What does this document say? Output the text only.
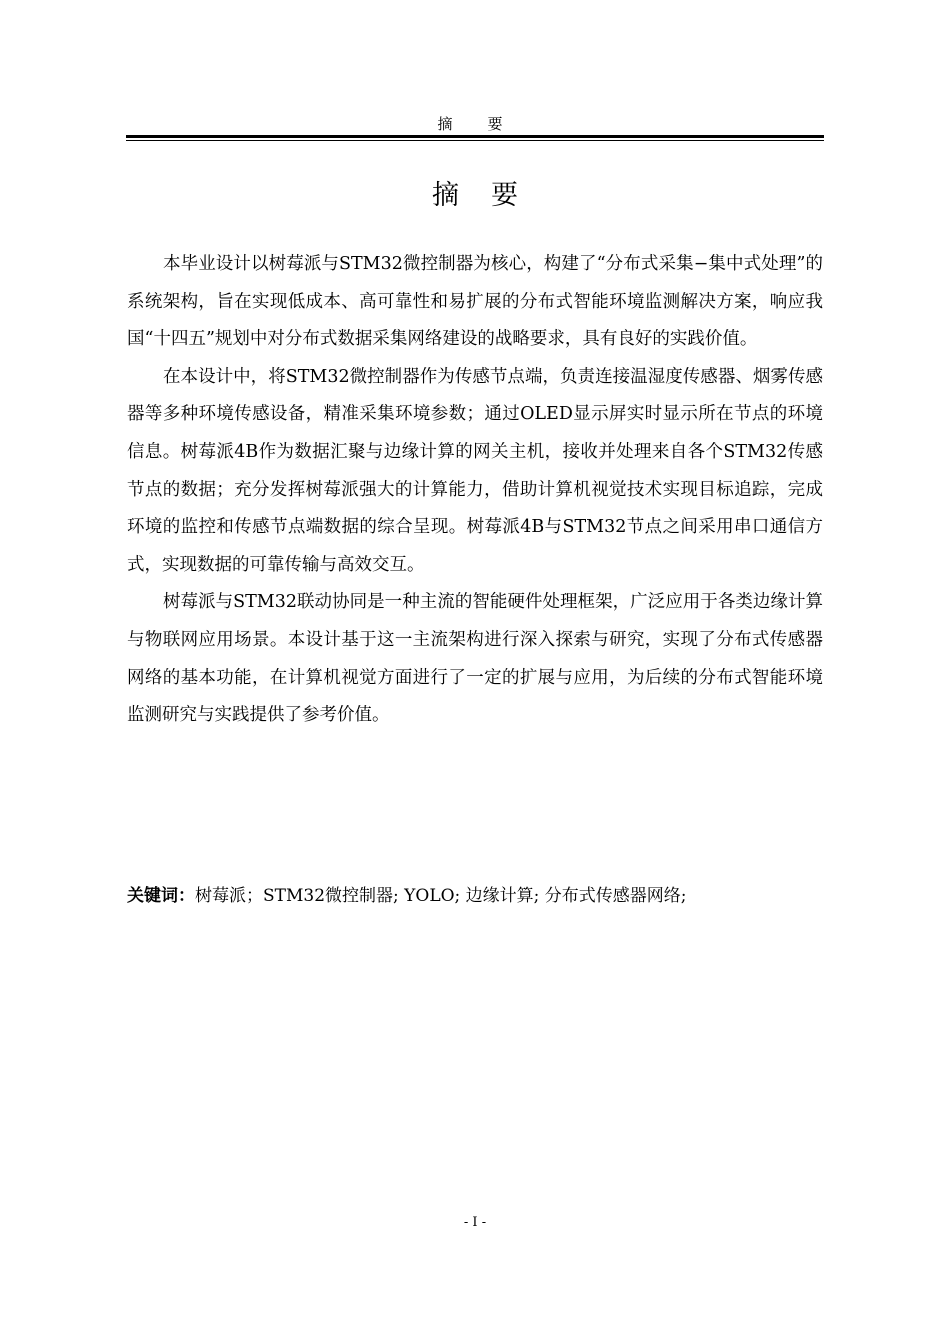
摘　要
摘要

本毕业设计以树莓派与STM32微控制器为核心，构建了“分布式采集−集中式处理”的系统架构，旨在实现低成本、高可靠性和易扩展的分布式智能环境监测解决方案，响应我国“十四五”规划中对分布式数据采集网络建设的战略要求，具有良好的实践价值。

在本设计中，将STM32微控制器作为传感节点端，负责连接温湿度传感器、烟雾传感器等多种环境传感设备，精准采集环境参数；通过OLED显示屏实时显示所在节点的环境信息。树莓派4B作为数据汇聚与边缘计算的网关主机，接收并处理来自各个STM32传感节点的数据；充分发挥树莓派强大的计算能力，借助计算机视觉技术实现目标追踪，完成环境的监控和传感节点端数据的综合呈现。树莓派4B与STM32节点之间采用串口通信方式，实现数据的可靠传输与高效交互。

树莓派与STM32联动协同是一种主流的智能硬件处理框架，广泛应用于各类边缘计算与物联网应用场景。本设计基于这一主流架构进行深入探索与研究，实现了分布式传感器网络的基本功能，在计算机视觉方面进行了一定的扩展与应用，为后续的分布式智能环境监测研究与实践提供了参考价值。

关键词：树莓派；STM32微控制器; YOLO; 边缘计算; 分布式传感器网络;
- I -
